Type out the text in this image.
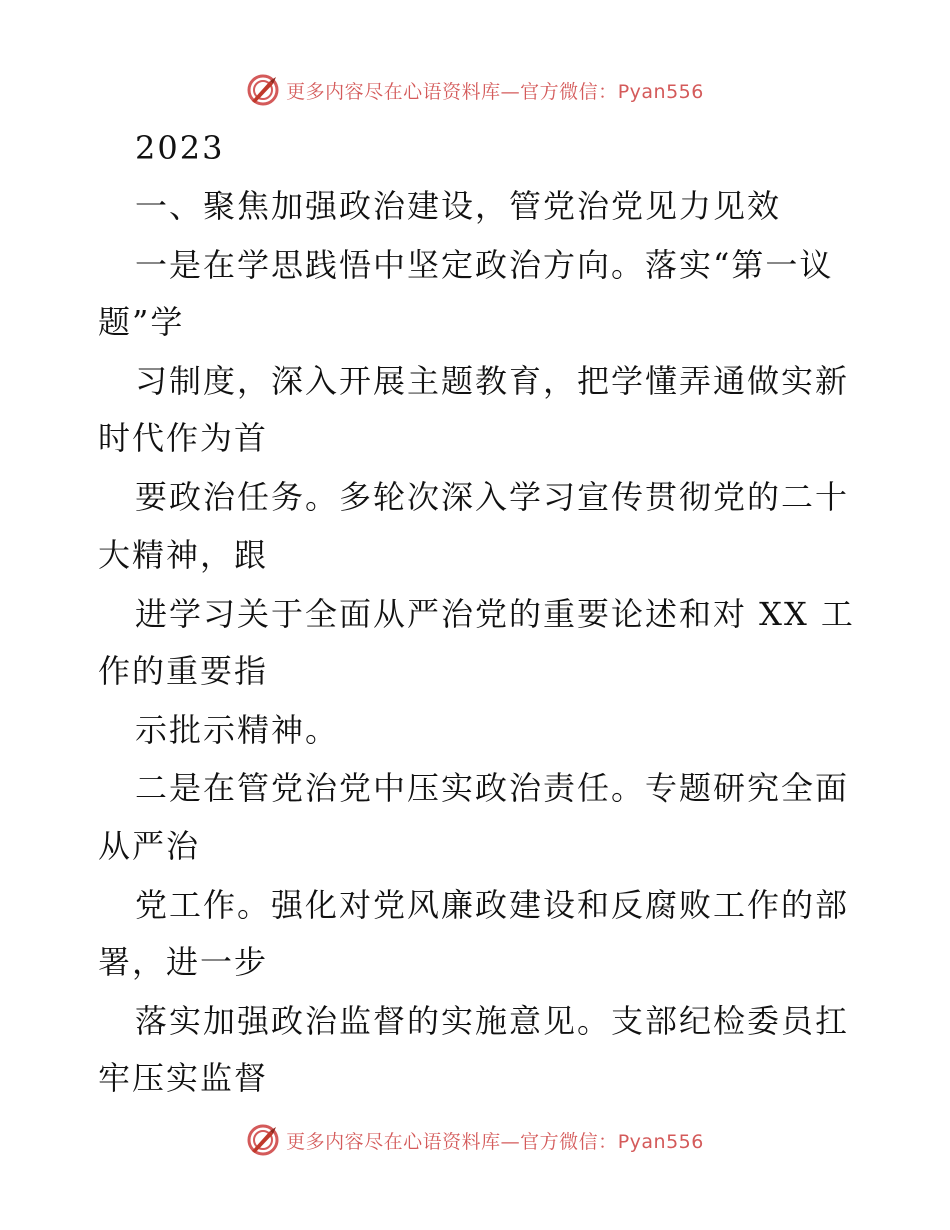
更多内容尽在心语资料库 — 官方微信： Pyan556
2023
一、聚焦加强政治建设，管党治党见力见效
一是在学思践悟中坚定政治方向。落实“第一议
题”学
习制度，深入开展主题教育，把学懂弄通做实新
时代作为首
要政治任务。多轮次深入学习宣传贯彻党的二十
大精神，跟
进学习关于全面从严治党的重要论述和对 XX 工
作的重要指
示批示精神。
二是在管党治党中压实政治责任。专题研究全面
从严治
党工作。强化对党风廉政建设和反腐败工作的部
署，进一步
落实加强政治监督的实施意见。支部纪检委员扛
牢压实监督
更多内容尽在心语资料库 — 官方微信： Pyan556
